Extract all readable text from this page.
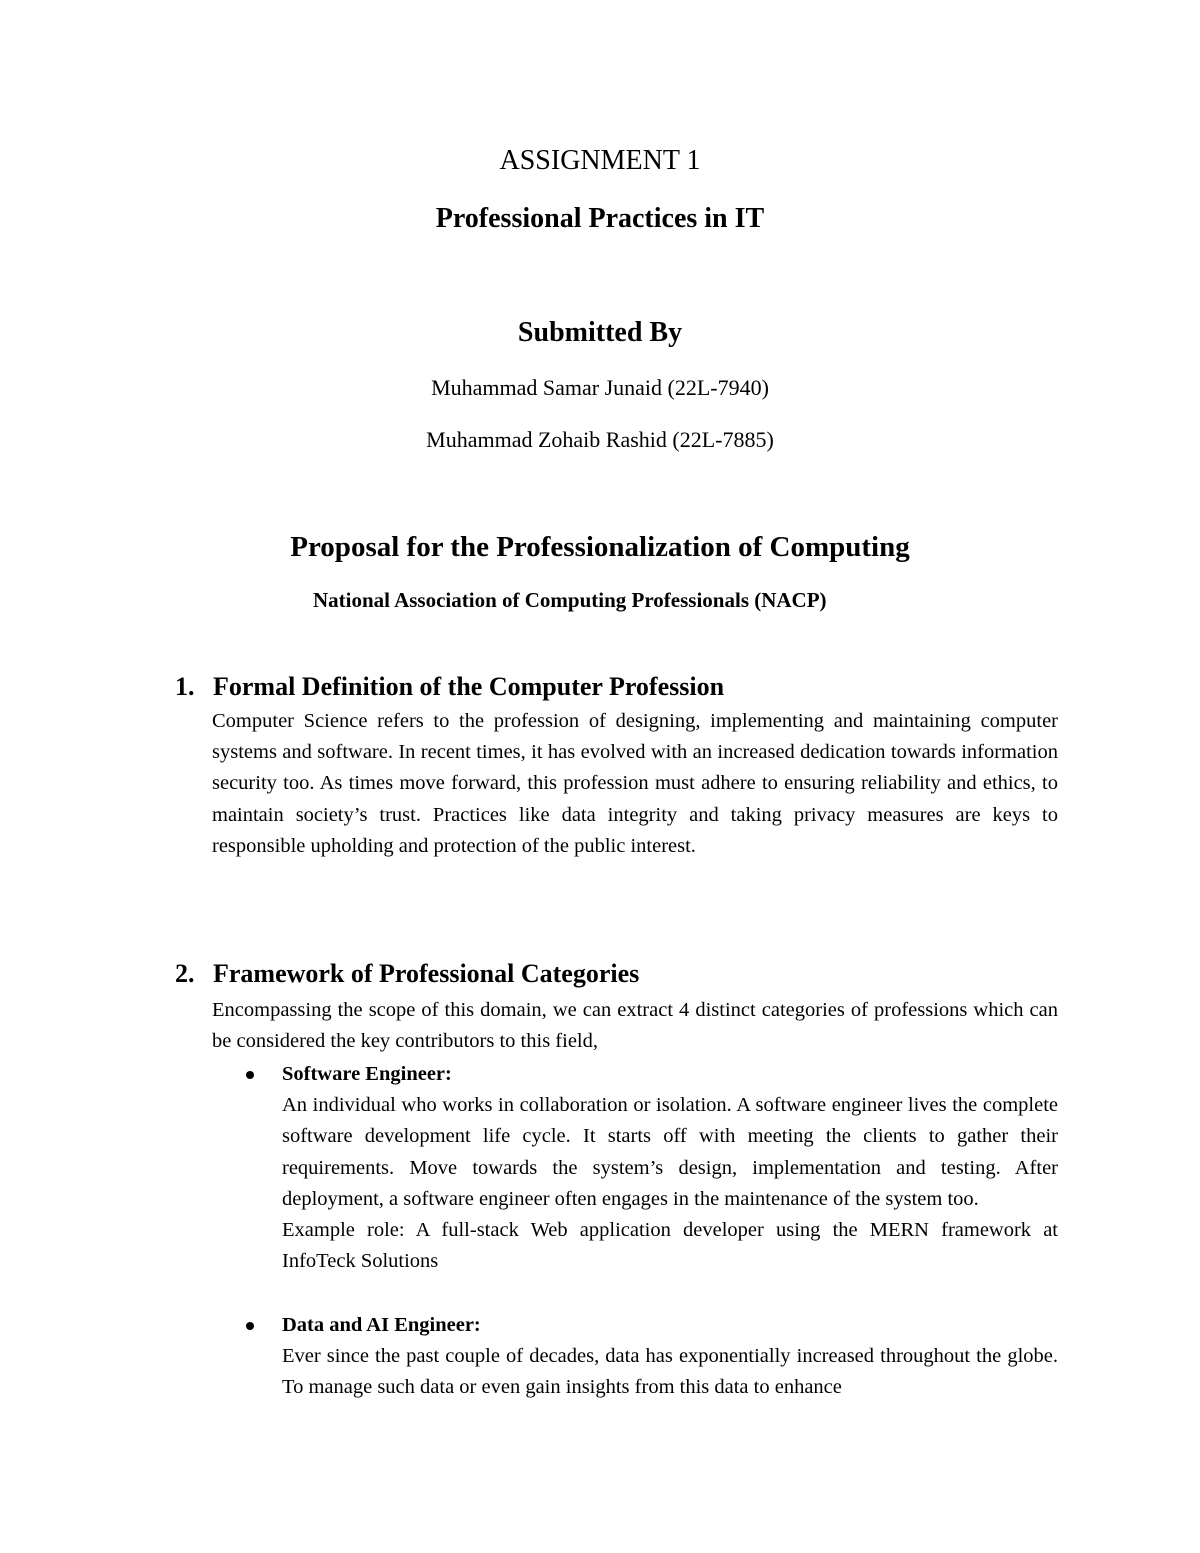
ASSIGNMENT 1

Professional Practices in IT

Submitted By

Muhammad Samar Junaid (22L-7940)

Muhammad Zohaib Rashid (22L-7885)

Proposal for the Professionalization of Computing

National Association of Computing Professionals (NACP)

1. Formal Definition of the Computer Profession

Computer Science refers to the profession of designing, implementing and maintaining computer systems and software. In recent times, it has evolved with an increased dedication towards information security too. As times move forward, this profession must adhere to ensuring reliability and ethics, to maintain society’s trust. Practices like data integrity and taking privacy measures are keys to responsible upholding and protection of the public interest.

2. Framework of Professional Categories

Encompassing the scope of this domain, we can extract 4 distinct categories of professions which can be considered the key contributors to this field,

Software Engineer:

An individual who works in collaboration or isolation. A software engineer lives the complete software development life cycle. It starts off with meeting the clients to gather their requirements. Move towards the system’s design, implementation and testing. After deployment, a software engineer often engages in the maintenance of the system too.

Example role: A full-stack Web application developer using the MERN framework at InfoTeck Solutions

Data and AI Engineer:

Ever since the past couple of decades, data has exponentially increased throughout the globe. To manage such data or even gain insights from this data to enhance
